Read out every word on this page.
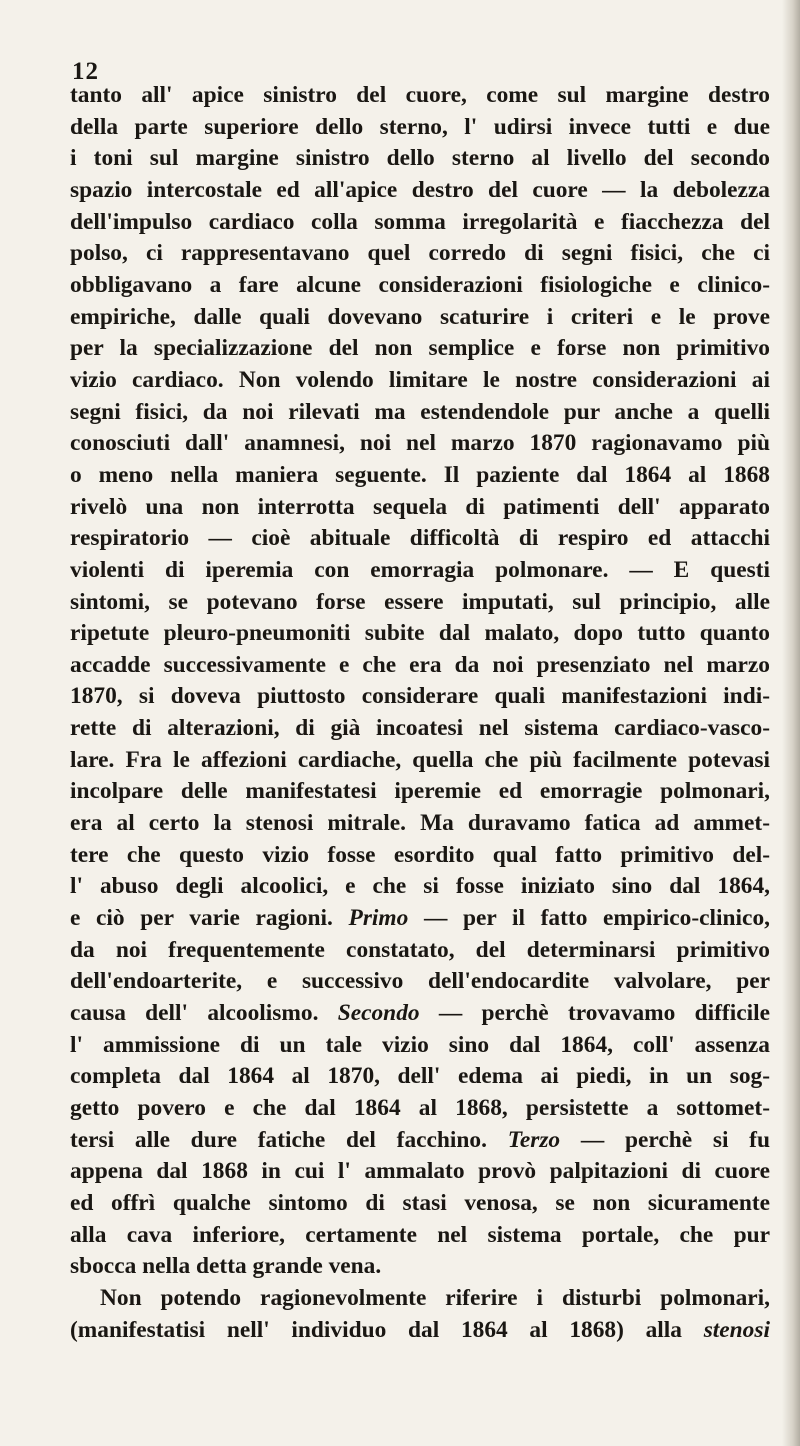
12
tanto all' apice sinistro del cuore, come sul margine destro
della parte superiore dello sterno, l' udirsi invece tutti e due
i toni sul margine sinistro dello sterno al livello del secondo
spazio intercostale ed all'apice destro del cuore — la debolezza
dell'impulso cardiaco colla somma irregolarità e fiacchezza del
polso, ci rappresentavano quel corredo di segni fisici, che ci
obbligavano a fare alcune considerazioni fisiologiche e clinico-
empiriche, dalle quali dovevano scaturire i criteri e le prove
per la specializzazione del non semplice e forse non primitivo
vizio cardiaco. Non volendo limitare le nostre considerazioni ai
segni fisici, da noi rilevati ma estendendole pur anche a quelli
conosciuti dall' anamnesi, noi nel marzo 1870 ragionavamo più
o meno nella maniera seguente. Il paziente dal 1864 al 1868
rivelò una non interrotta sequela di patimenti dell' apparato
respiratorio — cioè abituale difficoltà di respiro ed attacchi
violenti di iperemia con emorragia polmonare. — E questi
sintomi, se potevano forse essere imputati, sul principio, alle
ripetute pleuro-pneumoniti subite dal malato, dopo tutto quanto
accadde successivamente e che era da noi presenziato nel marzo
1870, si doveva piuttosto considerare quali manifestazioni indi-
rette di alterazioni, di già incoatesi nel sistema cardiaco-vasco-
lare. Fra le affezioni cardiache, quella che più facilmente potevasi
incolpare delle manifestatesi iperemie ed emorragie polmonari,
era al certo la stenosi mitrale. Ma duravamo fatica ad ammet-
tere che questo vizio fosse esordito qual fatto primitivo del-
l' abuso degli alcoolici, e che si fosse iniziato sino dal 1864,
e ciò per varie ragioni. Primo — per il fatto empirico-clinico,
da noi frequentemente constatato, del determinarsi primitivo
dell'endoarterite, e successivo dell'endocardite valvolare, per
causa dell' alcoolismo. Secondo — perchè trovavamo difficile
l' ammissione di un tale vizio sino dal 1864, coll' assenza
completa dal 1864 al 1870, dell' edema ai piedi, in un sog-
getto povero e che dal 1864 al 1868, persistette a sottomet-
tersi alle dure fatiche del facchino. Terzo — perchè si fu
appena dal 1868 in cui l' ammalato provò palpitazioni di cuore
ed offrì qualche sintomo di stasi venosa, se non sicuramente
alla cava inferiore, certamente nel sistema portale, che pur
sbocca nella detta grande vena.
Non potendo ragionevolmente riferire i disturbi polmonari,
(manifestatisi nell' individuo dal 1864 al 1868) alla stenosi
